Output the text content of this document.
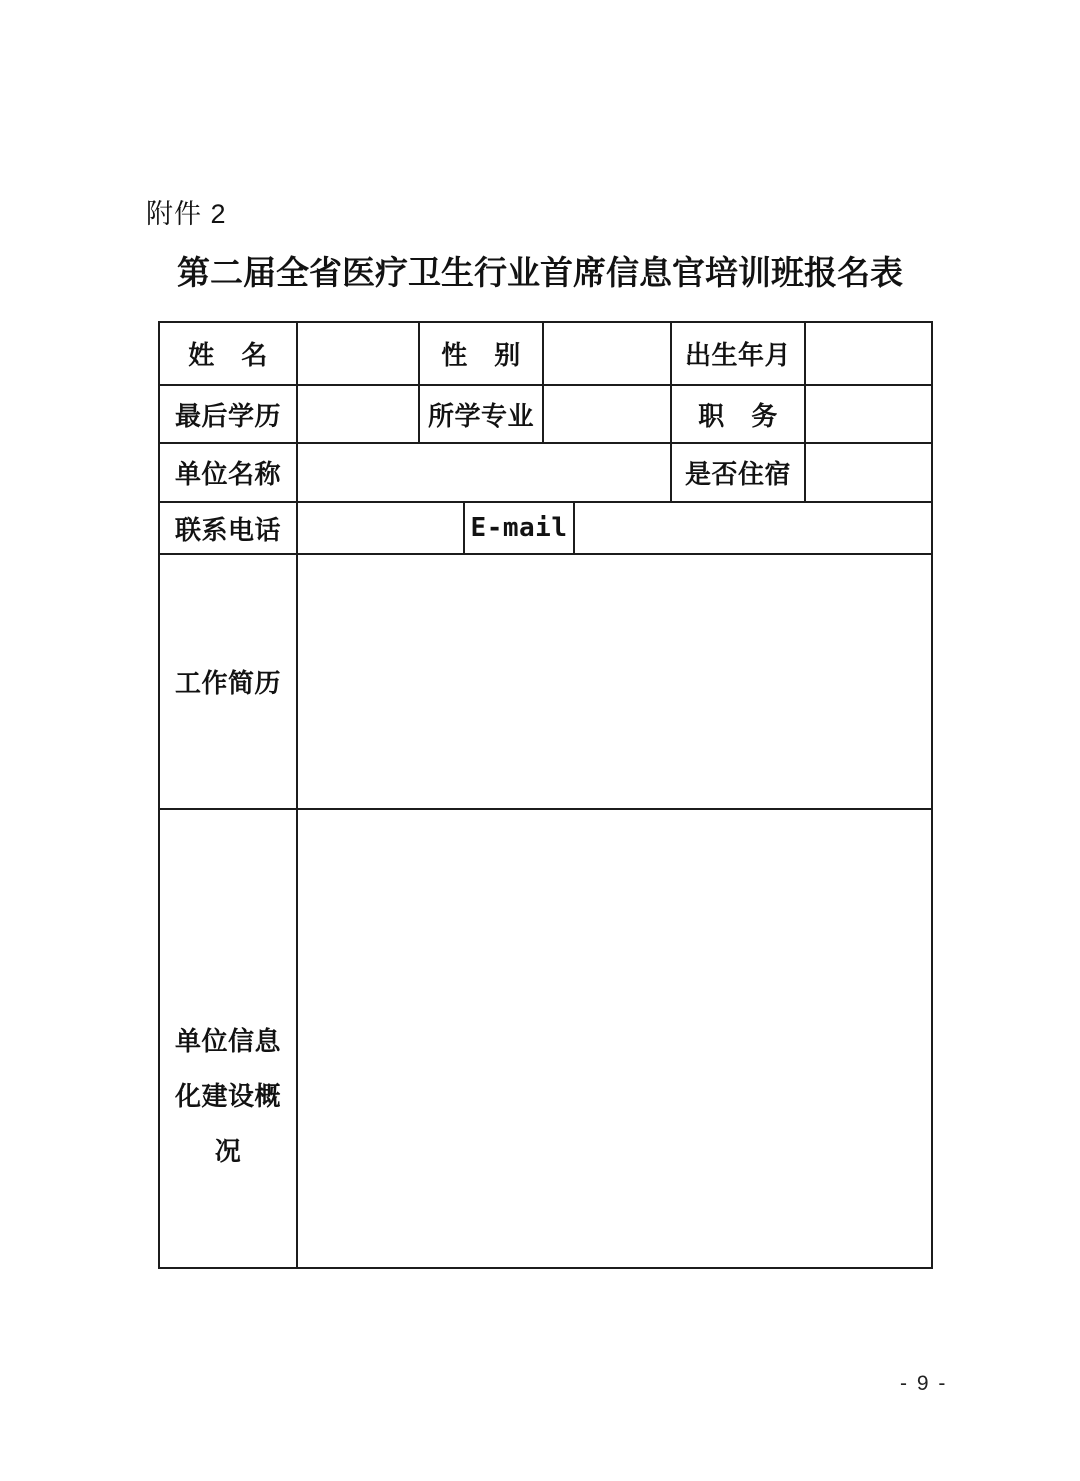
附件 2
第二届全省医疗卫生行业首席信息官培训班报名表
姓　名		性　别				出生年月	
最后学历		所学专业				职　务	
单位名称						是否住宿	
联系电话			E-mail				
工作简历							

单位信息
化建设概
况							

- 9 -
